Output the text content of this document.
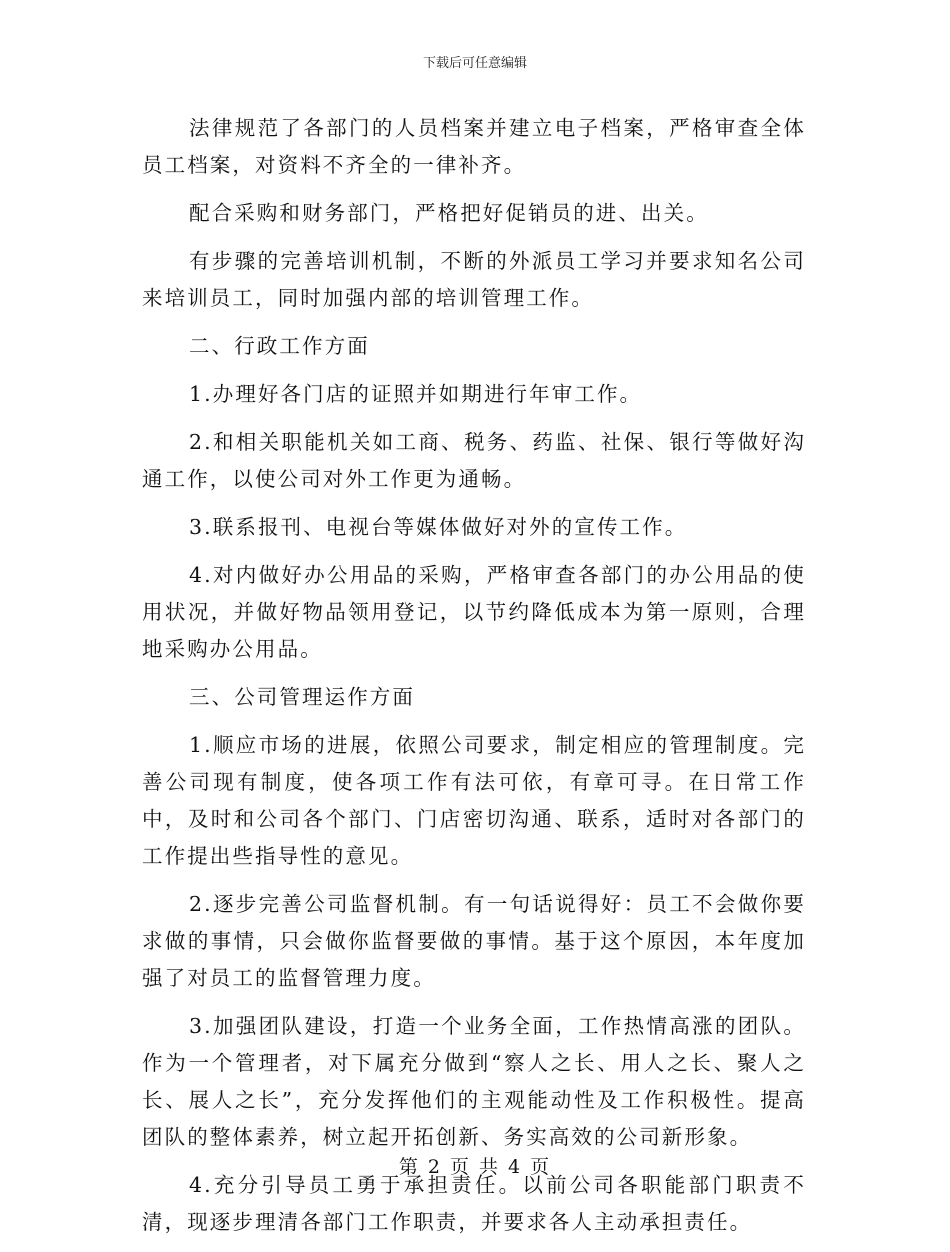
下载后可任意编辑

法律规范了各部门的人员档案并建立电子档案，严格审查全体员工档案，对资料不齐全的一律补齐。

配合采购和财务部门，严格把好促销员的进、出关。

有步骤的完善培训机制，不断的外派员工学习并要求知名公司来培训员工，同时加强内部的培训管理工作。

二、行政工作方面

1.办理好各门店的证照并如期进行年审工作。

2.和相关职能机关如工商、税务、药监、社保、银行等做好沟通工作，以使公司对外工作更为通畅。

3.联系报刊、电视台等媒体做好对外的宣传工作。

4.对内做好办公用品的采购，严格审查各部门的办公用品的使用状况，并做好物品领用登记，以节约降低成本为第一原则，合理地采购办公用品。

三、公司管理运作方面

1.顺应市场的进展，依照公司要求，制定相应的管理制度。完善公司现有制度，使各项工作有法可依，有章可寻。在日常工作中，及时和公司各个部门、门店密切沟通、联系，适时对各部门的工作提出些指导性的意见。

2.逐步完善公司监督机制。有一句话说得好：员工不会做你要求做的事情，只会做你监督要做的事情。基于这个原因，本年度加强了对员工的监督管理力度。

3.加强团队建设，打造一个业务全面，工作热情高涨的团队。作为一个管理者，对下属充分做到“察人之长、用人之长、聚人之长、展人之长”，充分发挥他们的主观能动性及工作积极性。提高团队的整体素养，树立起开拓创新、务实高效的公司新形象。

4.充分引导员工勇于承担责任。以前公司各职能部门职责不清，现逐步理清各部门工作职责，并要求各人主动承担责任。

第 2 页 共 4 页
